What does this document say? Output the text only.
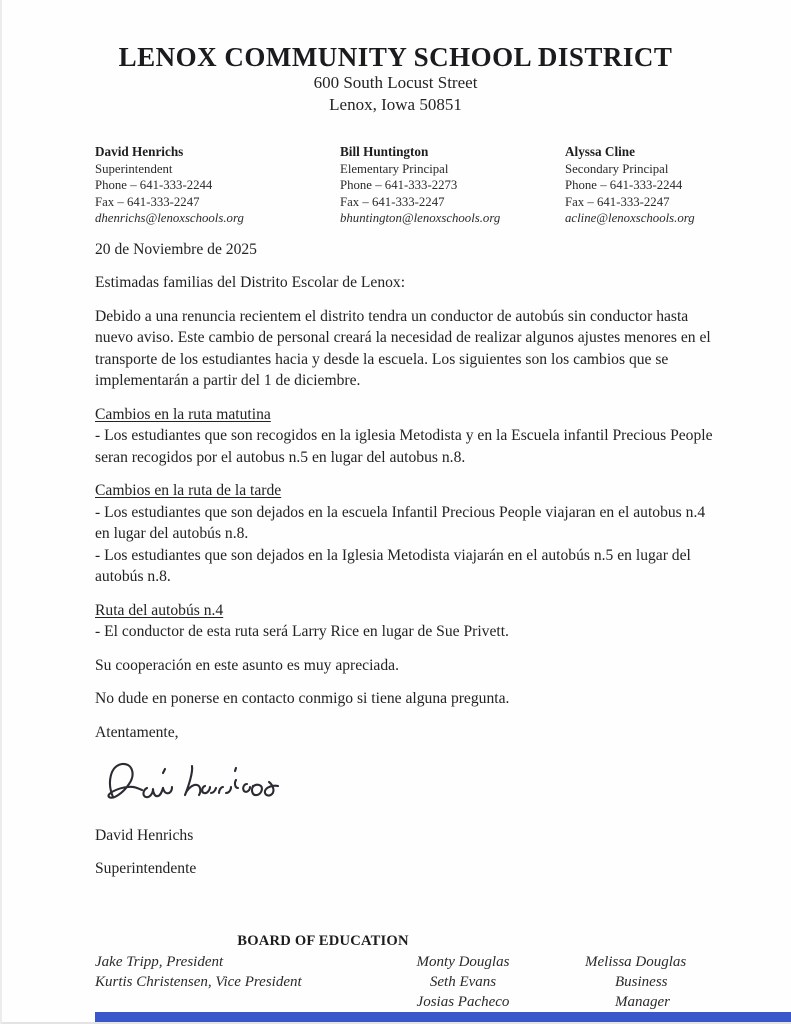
LENOX COMMUNITY SCHOOL DISTRICT
600 South Locust Street
Lenox, Iowa 50851
David Henrichs
Superintendent
Phone – 641-333-2244
Fax – 641-333-2247
dhenrichs@lenoxschools.org
Bill Huntington
Elementary Principal
Phone – 641-333-2273
Fax – 641-333-2247
bhuntington@lenoxschools.org
Alyssa Cline
Secondary Principal
Phone – 641-333-2244
Fax – 641-333-2247
acline@lenoxschools.org

20 de Noviembre de 2025

Estimadas familias del Distrito Escolar de Lenox:

Debido a una renuncia recientem el distrito tendra un conductor de autobús sin conductor hasta nuevo aviso. Este cambio de personal creará la necesidad de realizar algunos ajustes menores en el transporte de los estudiantes hacia y desde la escuela. Los siguientes son los cambios que se implementarán a partir del 1 de diciembre.

Cambios en la ruta matutina

- Los estudiantes que son recogidos en la iglesia Metodista y en la Escuela infantil Precious People seran recogidos por el autobus n.5 en lugar del autobus n.8.

Cambios en la ruta de la tarde

- Los estudiantes que son dejados en la escuela Infantil Precious People viajaran en el autobus n.4 en lugar del autobús n.8.

- Los estudiantes que son dejados en la Iglesia Metodista viajarán en el autobús n.5 en lugar del autobús n.8.

Ruta del autobús n.4

- El conductor de esta ruta será Larry Rice en lugar de Sue Privett.

Su cooperación en este asunto es muy apreciada.

No dude en ponerse en contacto conmigo si tiene alguna pregunta.

Atentamente,

David Henrichs

Superintendente

BOARD OF EDUCATION
Jake Tripp, President
Kurtis Christensen, Vice President
Monty Douglas
Seth Evans
Josias Pacheco
Melissa Douglas
Business Manager
